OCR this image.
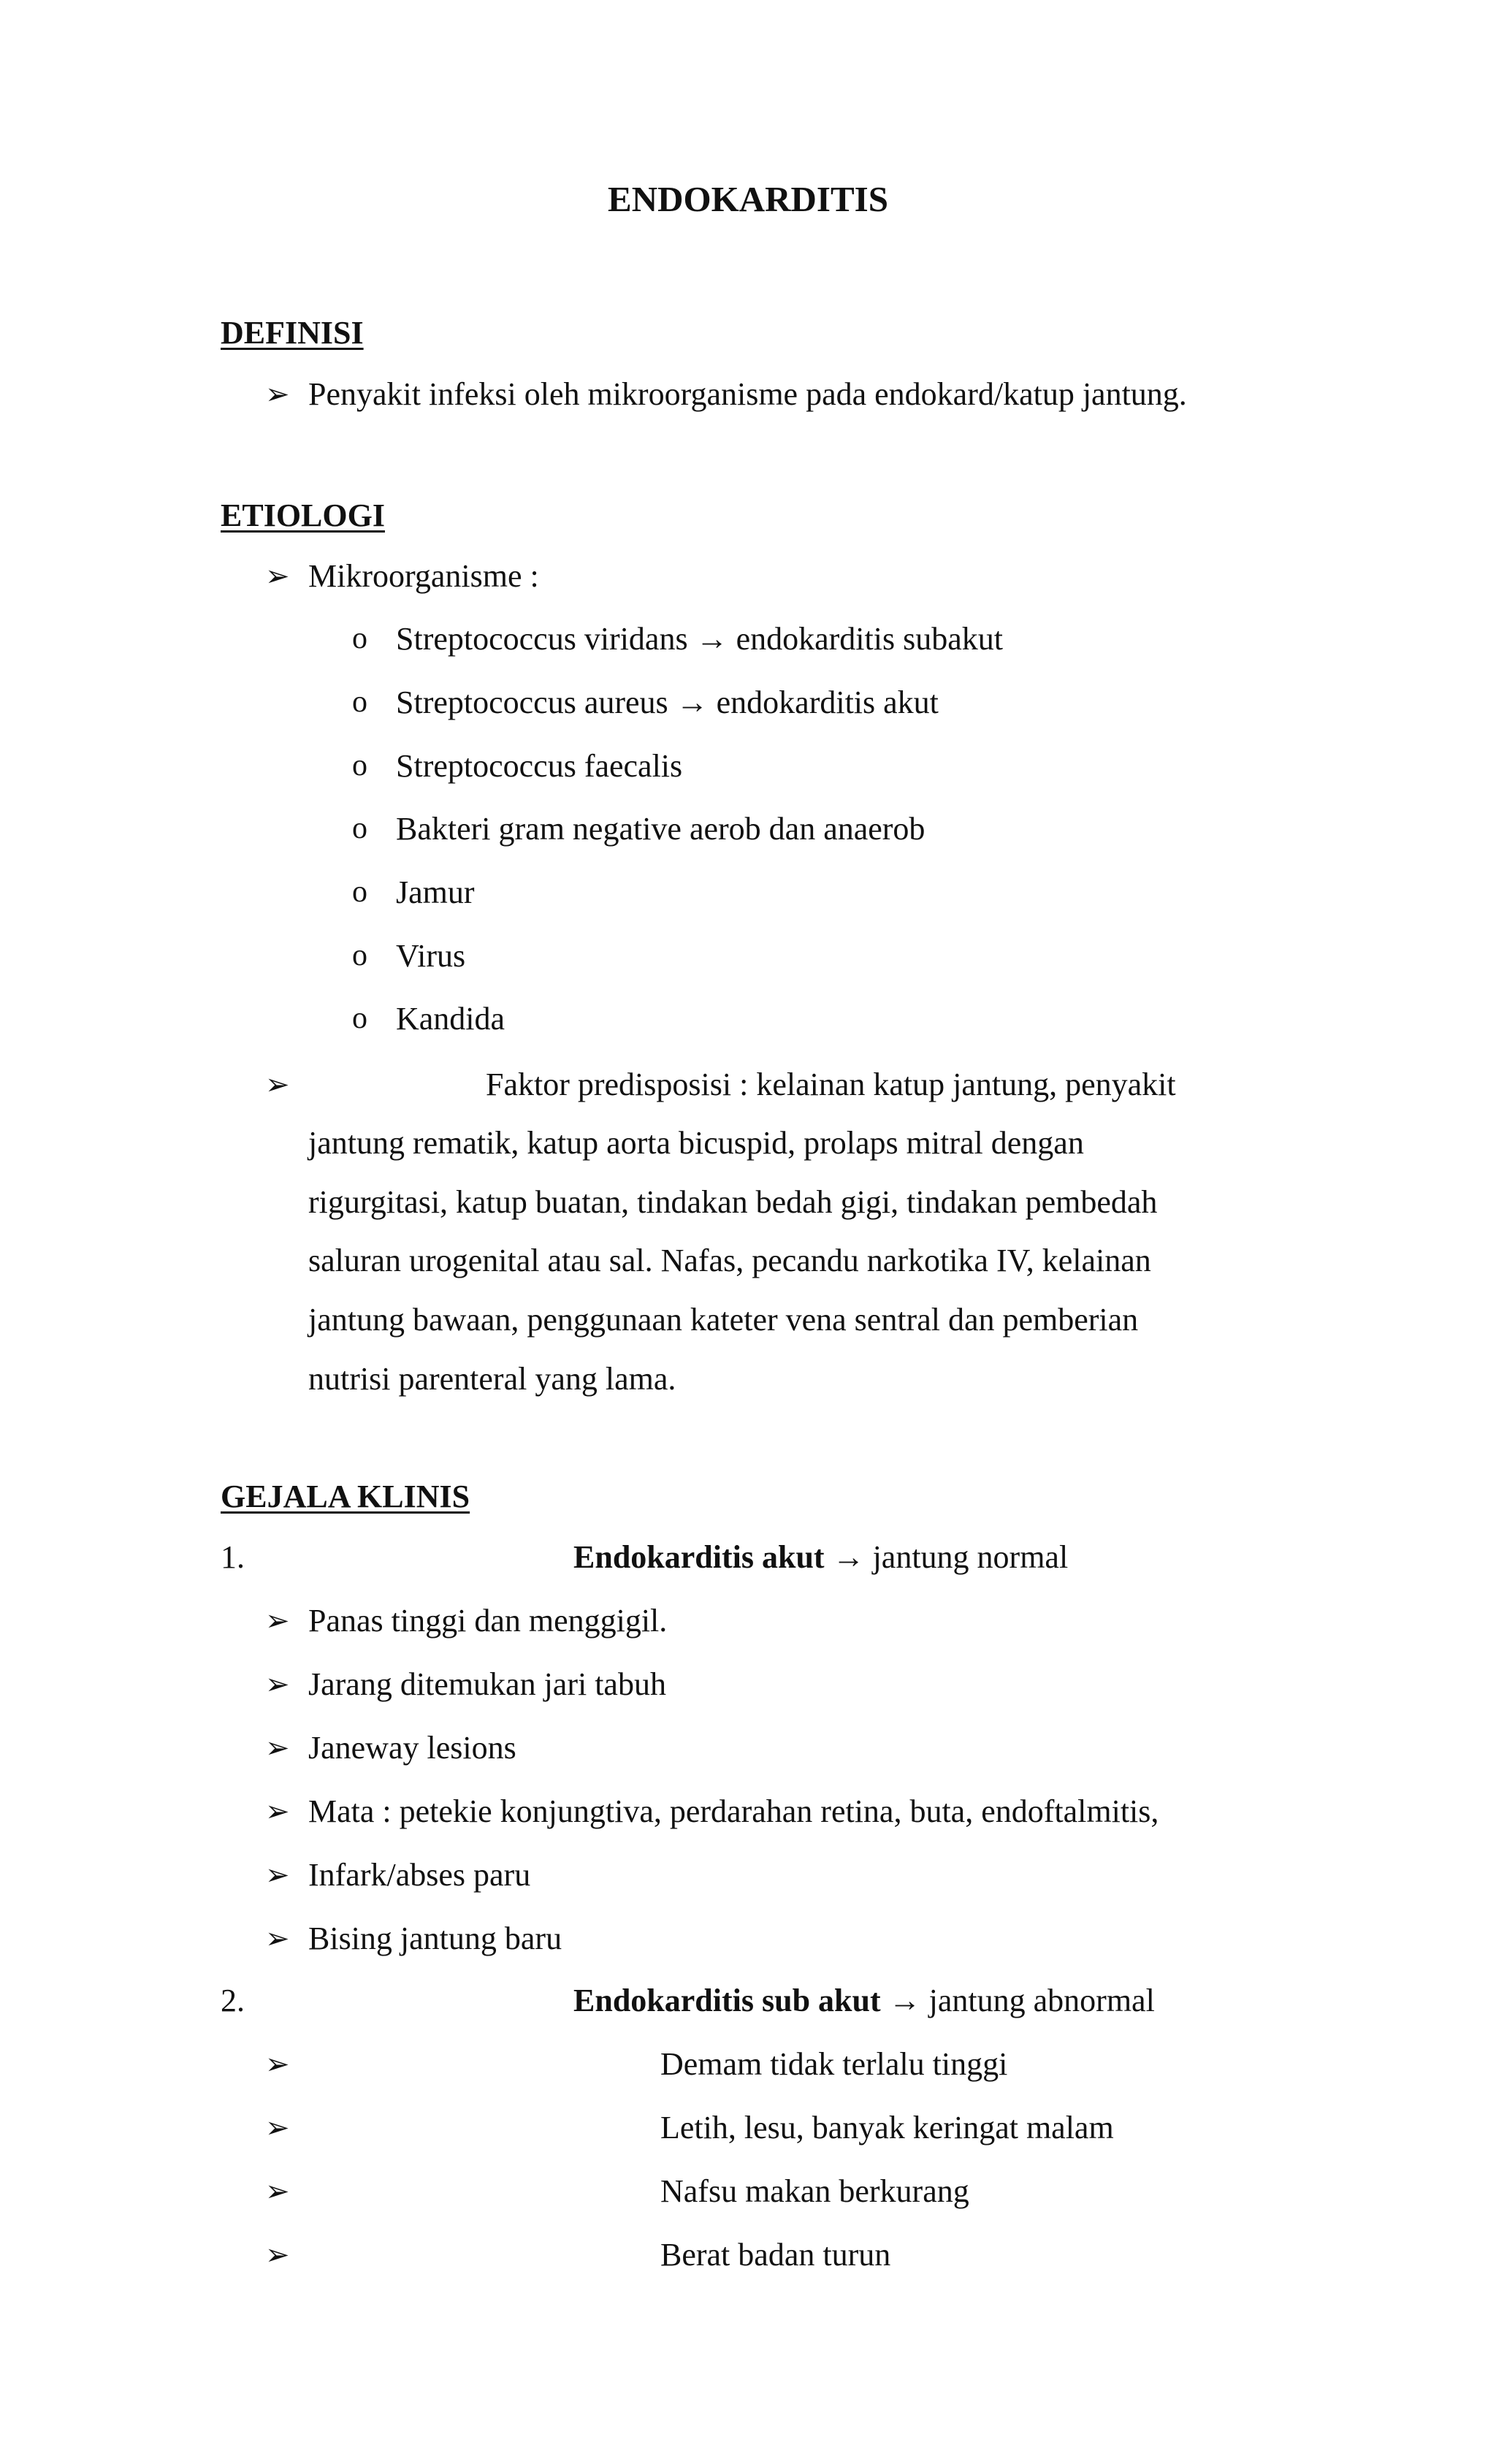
ENDOKARDITIS
DEFINISI
➢ Penyakit infeksi oleh mikroorganisme pada endokard/katup jantung.
ETIOLOGI
➢ Mikroorganisme :
o Streptococcus viridans → endokarditis subakut
o Streptococcus aureus → endokarditis akut
o Streptococcus faecalis
o Bakteri gram negative aerob dan anaerob
o Jamur
o Virus
o Kandida
➢	Faktor predisposisi : kelainan katup jantung, penyakit
jantung rematik, katup aorta bicuspid, prolaps mitral dengan
rigurgitasi, katup buatan, tindakan bedah gigi, tindakan pembedah
saluran urogenital atau sal. Nafas, pecandu narkotika IV, kelainan
jantung bawaan, penggunaan kateter vena sentral dan pemberian
nutrisi parenteral yang lama.
GEJALA KLINIS
1.	Endokarditis akut → jantung normal
➢ Panas tinggi dan menggigil.
➢ Jarang ditemukan jari tabuh
➢ Janeway lesions
➢ Mata : petekie konjungtiva, perdarahan retina, buta, endoftalmitis,
➢ Infark/abses paru
➢ Bising jantung baru
2.	Endokarditis sub akut → jantung abnormal
➢	Demam tidak terlalu tinggi
➢	Letih, lesu, banyak keringat malam
➢	Nafsu makan berkurang
➢	Berat badan turun
